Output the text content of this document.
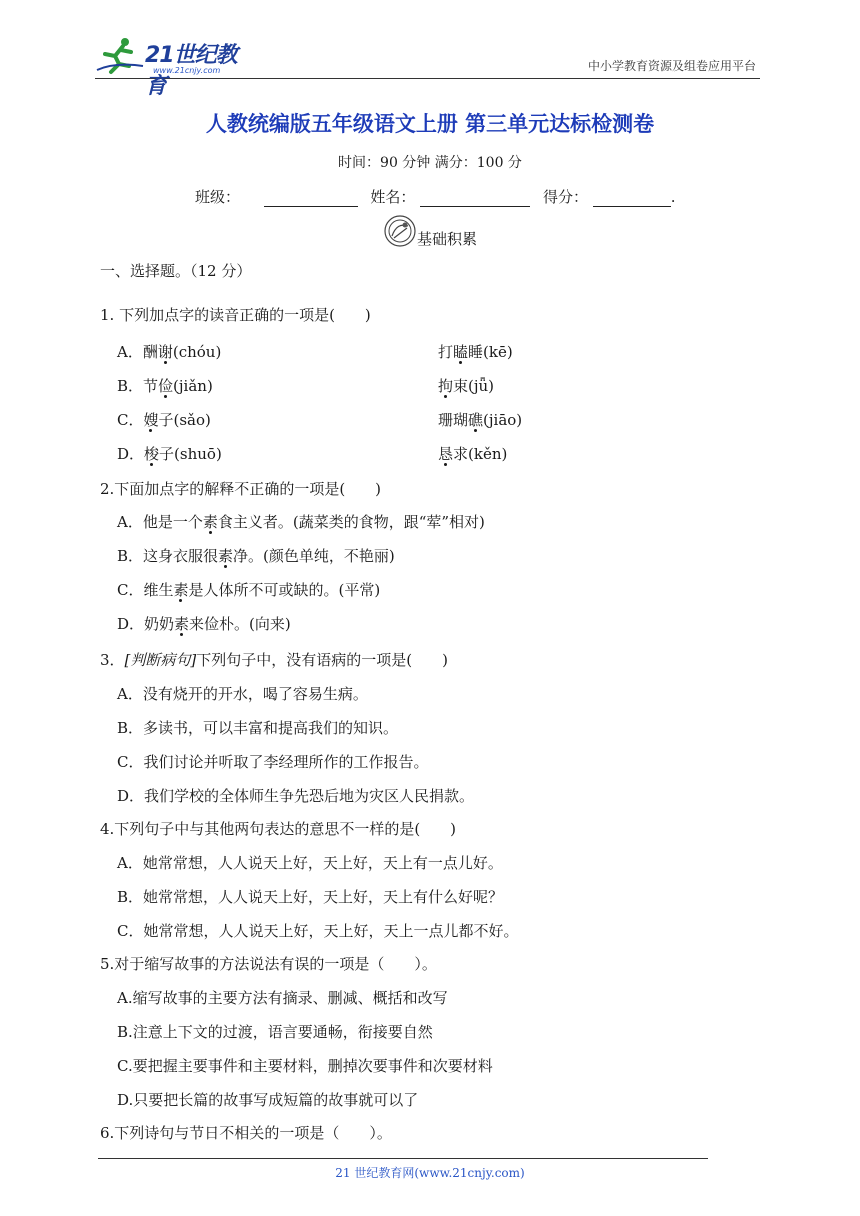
21世纪教育
www.21cnjy.com	中小学教育资源及组卷应用平台
人教统编版五年级语文上册 第三单元达标检测卷
时间：90 分钟 满分：100 分
班级：	姓名：	得分：	.
基础积累
一、选择题。（12 分）
1. 下列加点字的读音正确的一项是(　　)
A．酬谢(chóu)	打瞌睡(kē)
B．节俭(jiǎn)	拘束(jǖ)
C．嫂子(sǎo)	珊瑚礁(jiāo)
D．梭子(shuō)	恳求(kěn)
2.下面加点字的解释不正确的一项是(　　)
A．他是一个素食主义者。(蔬菜类的食物，跟“荤”相对)
B．这身衣服很素净。(颜色单纯，不艳丽)
C．维生素是人体所不可或缺的。(平常)
D．奶奶素来俭朴。(向来)
3．[判断病句]下列句子中，没有语病的一项是(　　)
A．没有烧开的开水，喝了容易生病。
B．多读书，可以丰富和提高我们的知识。
C．我们讨论并听取了李经理所作的工作报告。
D．我们学校的全体师生争先恐后地为灾区人民捐款。
4.下列句子中与其他两句表达的意思不一样的是(　　)
A．她常常想，人人说天上好，天上好，天上有一点儿好。
B．她常常想，人人说天上好，天上好，天上有什么好呢？
C．她常常想，人人说天上好，天上好，天上一点儿都不好。
5.对于缩写故事的方法说法有误的一项是（　　）。
A.缩写故事的主要方法有摘录、删减、概括和改写
B.注意上下文的过渡，语言要通畅，衔接要自然
C.要把握主要事件和主要材料，删掉次要事件和次要材料
D.只要把长篇的故事写成短篇的故事就可以了
6.下列诗句与节日不相关的一项是（　　）。
21 世纪教育网(www.21cnjy.com)
